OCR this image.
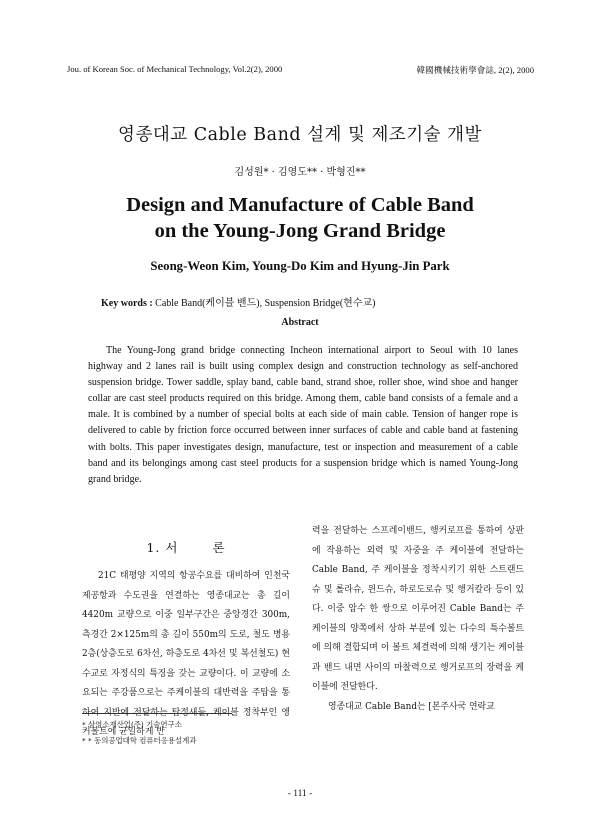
Jou. of Korean Soc. of Mechanical Technology, Vol.2(2), 2000	韓國機械技術學會誌, 2(2), 2000
영종대교 Cable Band 설계 및 제조기술 개발
김성원* · 김영도** · 박형진**
Design and Manufacture of Cable Band
on the Young-Jong Grand Bridge
Seong-Weon Kim, Young-Do Kim and Hyung-Jin Park
Key words : Cable Band(케이블 밴드), Suspension Bridge(현수교)
Abstract

The Young-Jong grand bridge connecting Incheon international airport to Seoul with 10 lanes highway and 2 lanes rail is built using complex design and construction technology as self-anchored suspension bridge. Tower saddle, splay band, cable band, strand shoe, roller shoe, wind shoe and hanger collar are cast steel products required on this bridge. Among them, cable band consists of a female and a male. It is combined by a number of special bolts at each side of main cable. Tension of hanger rope is delivered to cable by friction force occurred between inner surfaces of cable and cable band at fastening with bolts. This paper investigates design, manufacture, test or inspection and measurement of a cable band and its belongings among cast steel products for a suspension bridge which is named Young-Jong grand bridge.

1. 서	론

21C 태평양 지역의 항공수요를 대비하여 인천국제공항과 수도권을 연결하는 영종대교는 총 길이 4420m 교량으로 이중 일부구간은 중앙경간 300m, 측경간 2×125m의 총 길이 550m의 도로, 철도 병용 2층(상층도로 6차선, 하층도로 4차선 및 복선철도) 현수교로 자정식의 특징을 갖는 교량이다. 이 교량에 소요되는 주강품으로는 주케이블의 대반력을 주탑을 통하여 지반에 전달하는 탑정새들, 케이블 정착부인 앵커볼트에 균일하게 반

력을 전달하는 스프레이밴드, 행커로프를 통하여 상판에 작용하는 외력 및 자중을 주 케이블에 전달하는 Cable Band, 주 케이블을 정착시키기 위한 스트랜드슈 및 롤라슈, 윈드슈, 하로도로슈 및 행거칼라 등이 있다. 이중 암수 한 쌍으로 이루어진 Cable Band는 주 케이블의 양쪽에서 상하 부분에 있는 다수의 특수볼트에 의해 결합되며 이 볼트 체결력에 의해 생기는 케이블과 밴드 내면 사이의 마찰력으로 행거로프의 장력을 케이블에 전달한다.

영종대교 Cable Band는 [본주사국 연락교

* 삼영소재산업(주) 기술연구소
* * 동의공업대학 컴퓨터응용설계과
- 111 -
